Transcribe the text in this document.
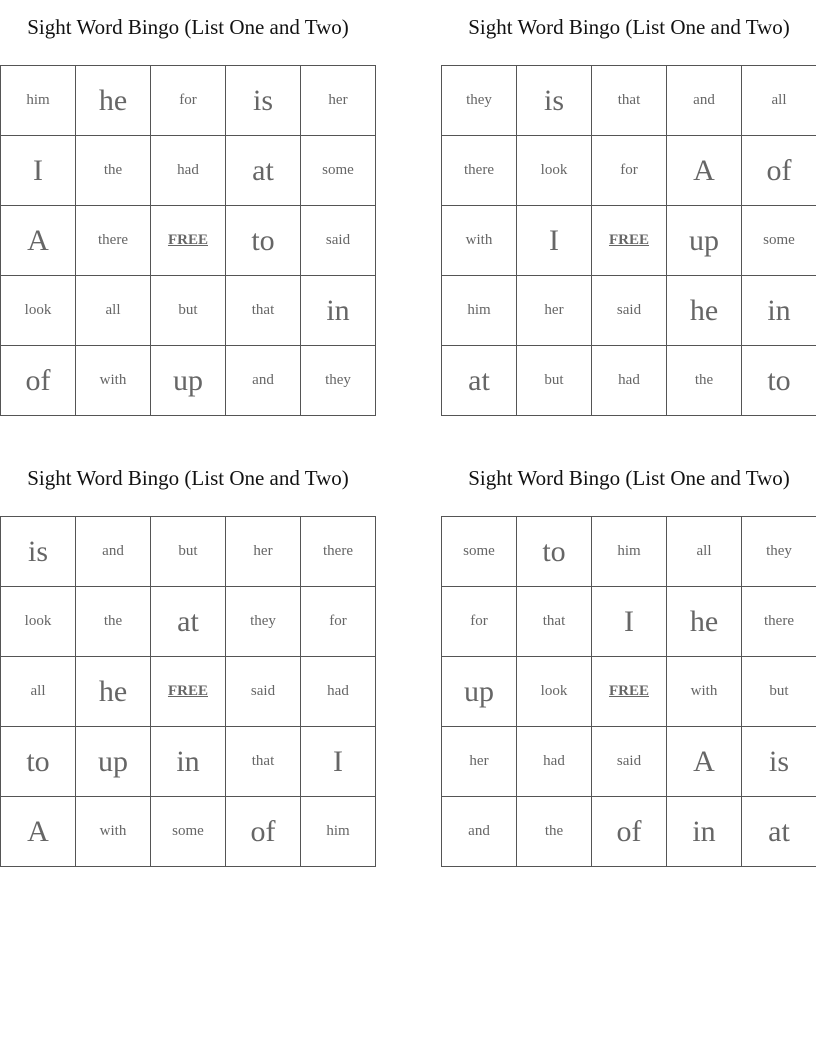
Sight Word Bingo (List One and Two)
him	he	for	is	her
I	the	had	at	some
A	there	FREE	to	said
look	all	but	that	in
of	with	up	and	they
Sight Word Bingo (List One and Two)
they	is	that	and	all
there	look	for	A	of
with	I	FREE	up	some
him	her	said	he	in
at	but	had	the	to
Sight Word Bingo (List One and Two)
is	and	but	her	there
look	the	at	they	for
all	he	FREE	said	had
to	up	in	that	I
A	with	some	of	him
Sight Word Bingo (List One and Two)
some	to	him	all	they
for	that	I	he	there
up	look	FREE	with	but
her	had	said	A	is
and	the	of	in	at
